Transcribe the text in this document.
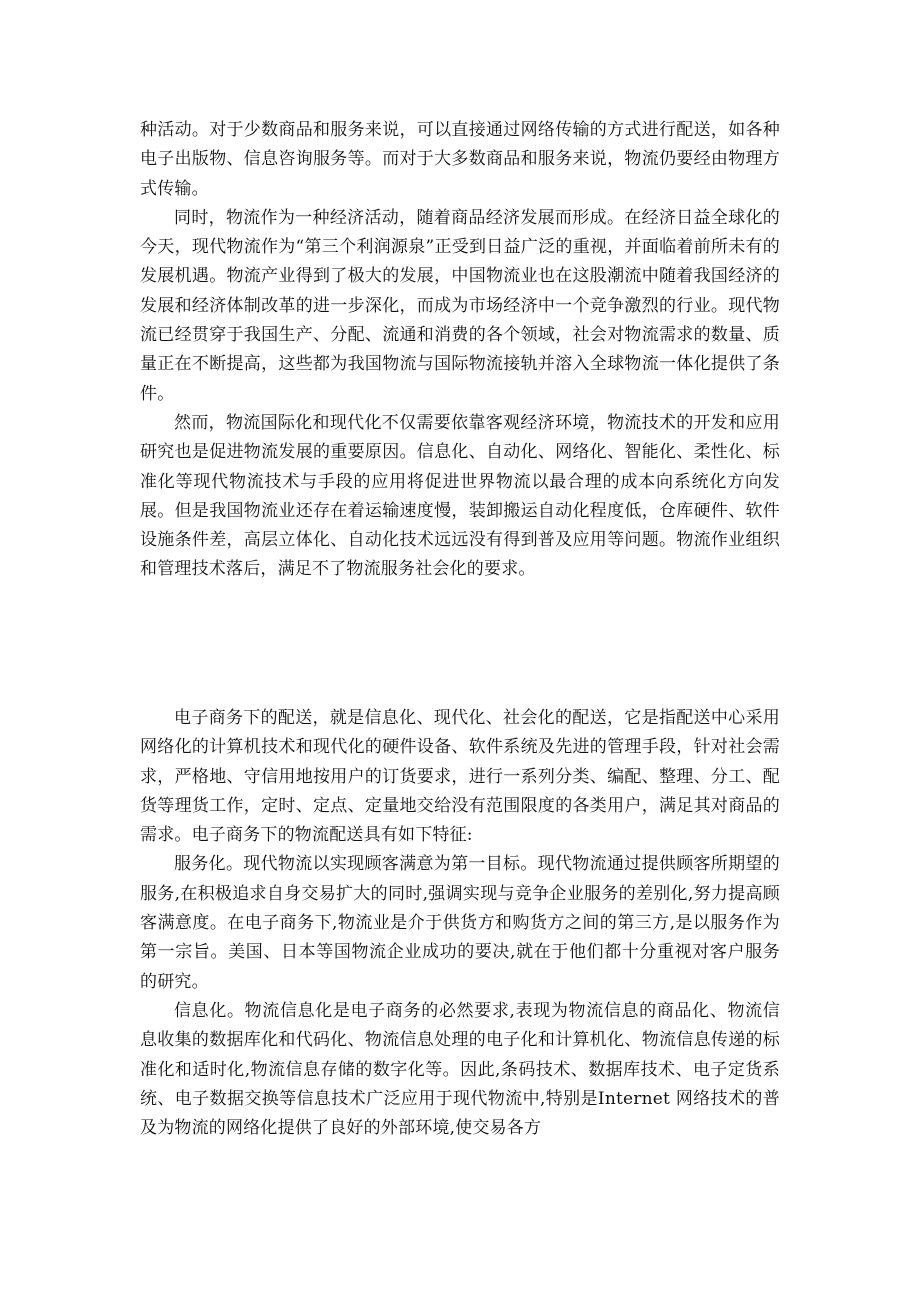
种活动。对于少数商品和服务来说，可以直接通过网络传输的方式进行配送，如各种电子出版物、信息咨询服务等。而对于大多数商品和服务来说，物流仍要经由物理方式传输。

同时，物流作为一种经济活动，随着商品经济发展而形成。在经济日益全球化的今天，现代物流作为“第三个利润源泉”正受到日益广泛的重视，并面临着前所未有的发展机遇。物流产业得到了极大的发展，中国物流业也在这股潮流中随着我国经济的发展和经济体制改革的进一步深化，而成为市场经济中一个竞争激烈的行业。现代物流已经贯穿于我国生产、分配、流通和消费的各个领域，社会对物流需求的数量、质量正在不断提高，这些都为我国物流与国际物流接轨并溶入全球物流一体化提供了条件。

然而，物流国际化和现代化不仅需要依靠客观经济环境，物流技术的开发和应用研究也是促进物流发展的重要原因。信息化、自动化、网络化、智能化、柔性化、标准化等现代物流技术与手段的应用将促进世界物流以最合理的成本向系统化方向发展。但是我国物流业还存在着运输速度慢，装卸搬运自动化程度低，仓库硬件、软件设施条件差，高层立体化、自动化技术远远没有得到普及应用等问题。物流作业组织和管理技术落后，满足不了物流服务社会化的要求。

电子商务下的配送，就是信息化、现代化、社会化的配送，它是指配送中心采用网络化的计算机技术和现代化的硬件设备、软件系统及先进的管理手段，针对社会需求，严格地、守信用地按用户的订货要求，进行一系列分类、编配、整理、分工、配货等理货工作，定时、定点、定量地交给没有范围限度的各类用户，满足其对商品的需求。电子商务下的物流配送具有如下特征:

服务化。现代物流以实现顾客满意为第一目标。现代物流通过提供顾客所期望的服务,在积极追求自身交易扩大的同时,强调实现与竞争企业服务的差别化,努力提高顾客满意度。在电子商务下,物流业是介于供货方和购货方之间的第三方,是以服务作为第一宗旨。美国、日本等国物流企业成功的要决,就在于他们都十分重视对客户服务的研究。

信息化。物流信息化是电子商务的必然要求,表现为物流信息的商品化、物流信息收集的数据库化和代码化、物流信息处理的电子化和计算机化、物流信息传递的标准化和适时化,物流信息存储的数字化等。因此,条码技术、数据库技术、电子定货系统、电子数据交换等信息技术广泛应用于现代物流中,特别是Internet 网络技术的普及为物流的网络化提供了良好的外部环境,使交易各方
